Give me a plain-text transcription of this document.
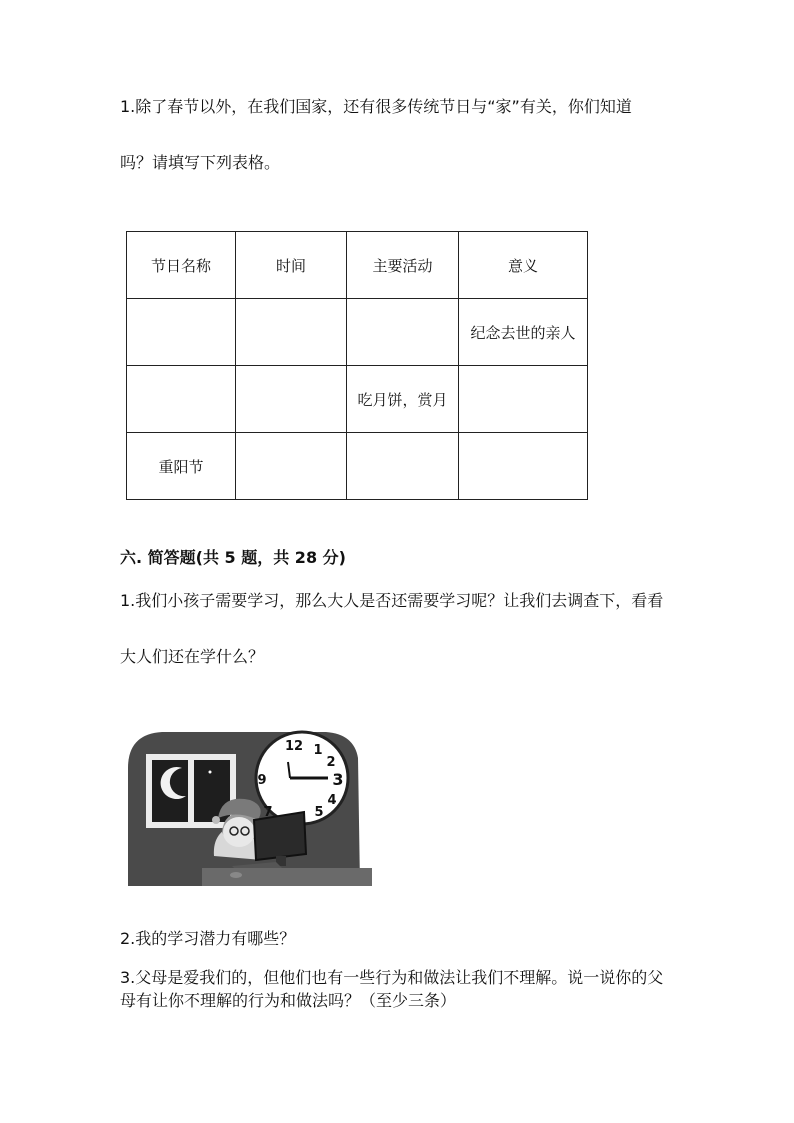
1.除了春节以外，在我们国家，还有很多传统节日与“家”有关，你们知道
吗？请填写下列表格。
节日名称	时间	主要活动	意义
			纪念去世的亲人
		吃月饼，赏月	
重阳节			
六. 简答题(共 5 题，共 28 分)
1.我们小孩子需要学习，那么大人是否还需要学习呢？让我们去调查下，看看
大人们还在学什么？
12 1
2
3
4
5
7
9
2.我的学习潜力有哪些？
3.父母是爱我们的，但他们也有一些行为和做法让我们不理解。说一说你的父
母有让你不理解的行为和做法吗？（至少三条）
